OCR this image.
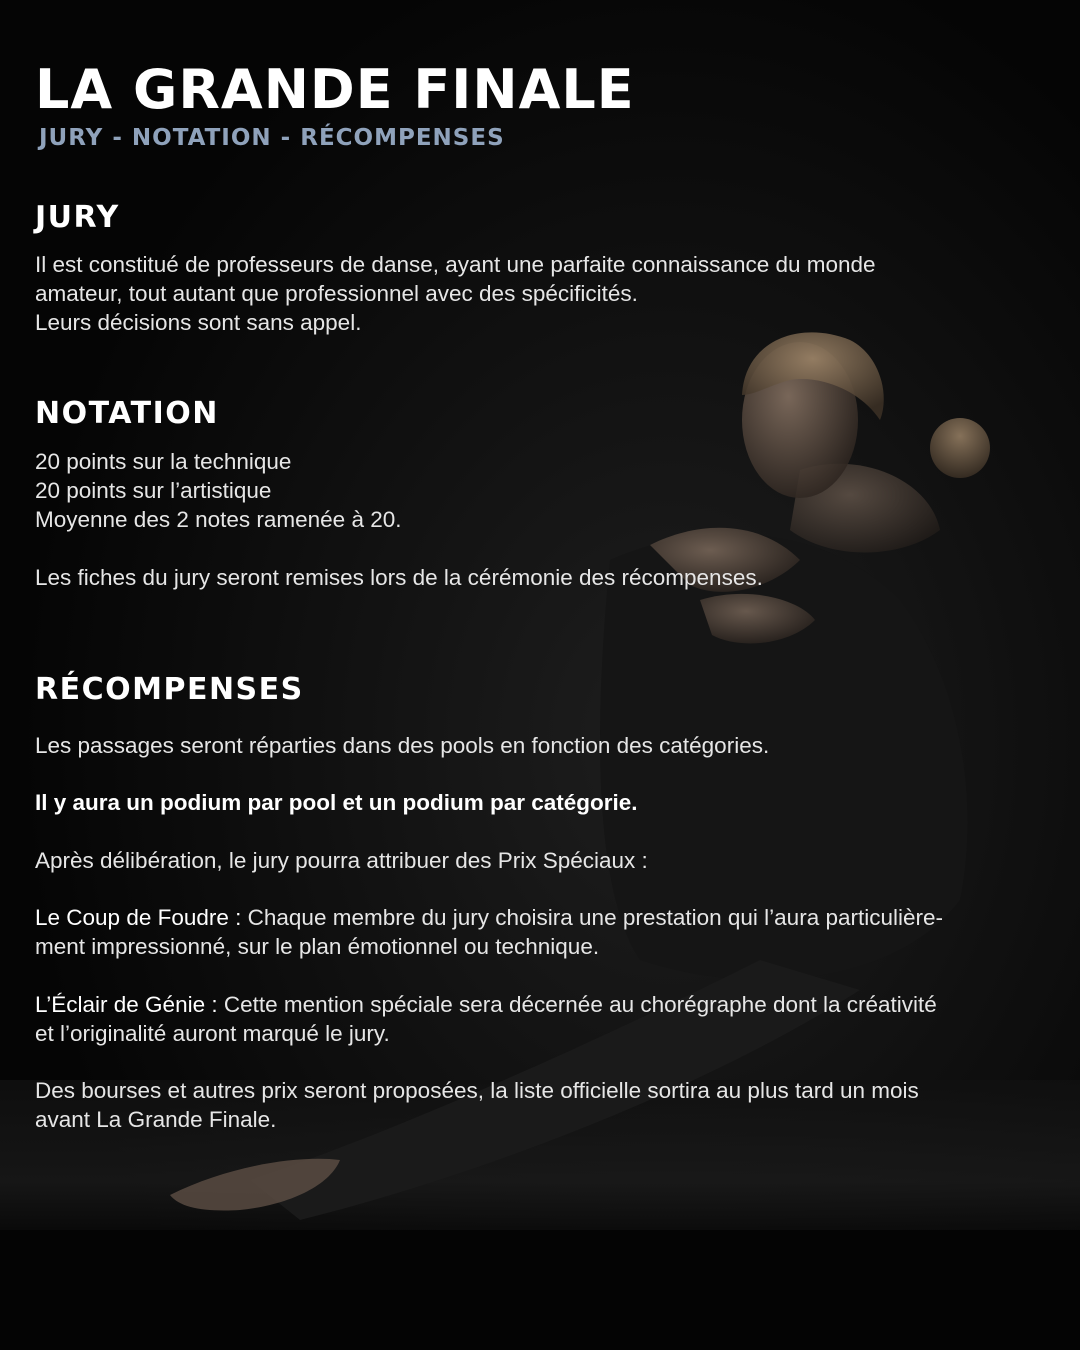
LA GRANDE FINALE
JURY - NOTATION - RÉCOMPENSES
JURY
Il est constitué de professeurs de danse, ayant une parfaite connaissance du monde
amateur, tout autant que professionnel avec des spécificités.
Leurs décisions sont sans appel.
NOTATION
20 points sur la technique
20 points sur l’artistique
Moyenne des 2 notes ramenée à 20.
Les fiches du jury seront remises lors de la cérémonie des récompenses.
RÉCOMPENSES
Les passages seront réparties dans des pools en fonction des catégories.
Il y aura un podium par pool et un podium par catégorie.
Après délibération, le jury pourra attribuer des Prix Spéciaux :
Le Coup de Foudre : Chaque membre du jury choisira une prestation qui l’aura particulière-
ment impressionné, sur le plan émotionnel ou technique.
L’Éclair de Génie : Cette mention spéciale sera décernée au chorégraphe dont la créativité
et l’originalité auront marqué le jury.
Des bourses et autres prix seront proposées, la liste officielle sortira au plus tard un mois
avant La Grande Finale.
